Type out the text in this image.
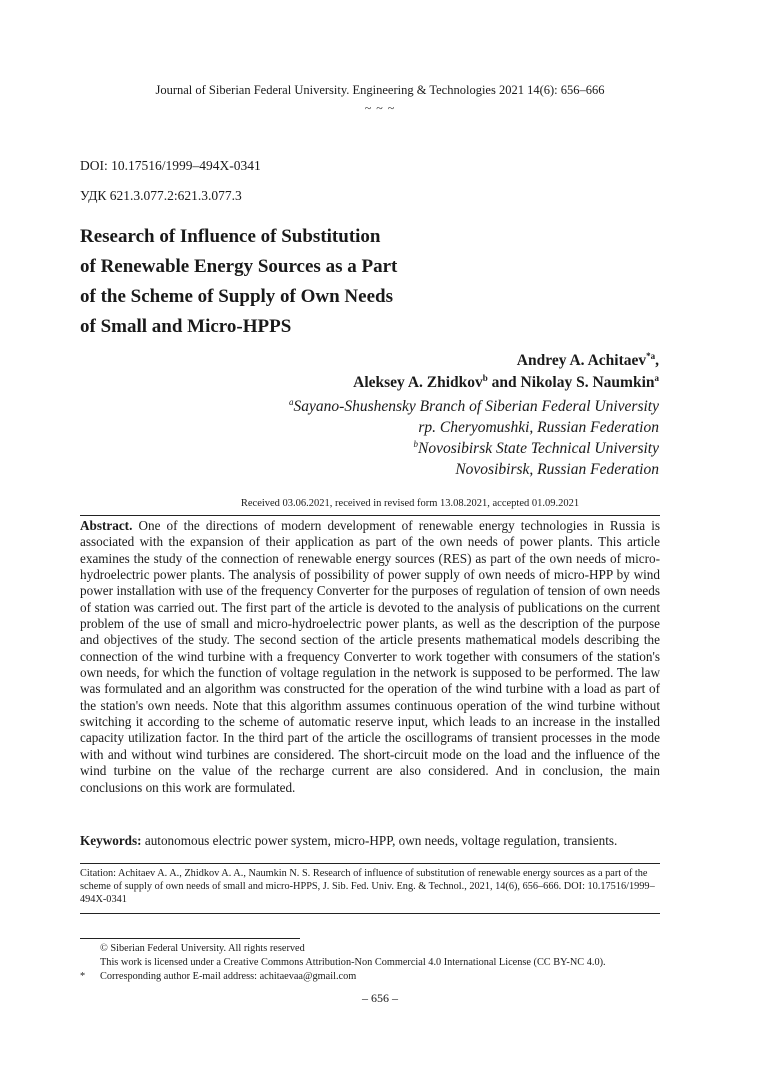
Journal of Siberian Federal University. Engineering & Technologies 2021 14(6): 656–666
~ ~ ~
DOI: 10.17516/1999–494X-0341
УДК 621.3.077.2:621.3.077.3
Research of Influence of Substitution
of Renewable Energy Sources as a Part
of the Scheme of Supply of Own Needs
of Small and Micro-HPPS
Andrey A. Achitaev$^{*a}$,
Aleksey A. Zhidkov$^b$ and Nikolay S. Naumkin$^a$
$^a$Sayano-Shushensky Branch of Siberian Federal University
rp. Cheryomushki, Russian Federation
$^b$Novosibirsk State Technical University
Novosibirsk, Russian Federation
Received 03.06.2021, received in revised form 13.08.2021, accepted 01.09.2021
Abstract. One of the directions of modern development of renewable energy technologies in Russia is associated with the expansion of their application as part of the own needs of power plants. This article examines the study of the connection of renewable energy sources (RES) as part of the own needs of micro-hydroelectric power plants. The analysis of possibility of power supply of own needs of micro-HPP by wind power installation with use of the frequency Converter for the purposes of regulation of tension of own needs of station was carried out. The first part of the article is devoted to the analysis of publications on the current problem of the use of small and micro-hydroelectric power plants, as well as the description of the purpose and objectives of the study. The second section of the article presents mathematical models describing the connection of the wind turbine with a frequency Converter to work together with consumers of the station's own needs, for which the function of voltage regulation in the network is supposed to be performed. The law was formulated and an algorithm was constructed for the operation of the wind turbine with a load as part of the station's own needs. Note that this algorithm assumes continuous operation of the wind turbine without switching it according to the scheme of automatic reserve input, which leads to an increase in the installed capacity utilization factor. In the third part of the article the oscillograms of transient processes in the mode with and without wind turbines are considered. The short-circuit mode on the load and the influence of the wind turbine on the value of the recharge current are also considered. And in conclusion, the main conclusions on this work are formulated.
Keywords: autonomous electric power system, micro-HPP, own needs, voltage regulation, transients.
Citation: Achitaev A. A., Zhidkov A. A., Naumkin N. S. Research of influence of substitution of renewable energy sources as a part of the scheme of supply of own needs of small and micro-HPPS, J. Sib. Fed. Univ. Eng. & Technol., 2021, 14(6), 656–666. DOI: 10.17516/1999–494X-0341
© Siberian Federal University. All rights reserved
This work is licensed under a Creative Commons Attribution-Non Commercial 4.0 International License (CC BY-NC 4.0).
*	Corresponding author E-mail address: achitaevaa@gmail.com
– 656 –
